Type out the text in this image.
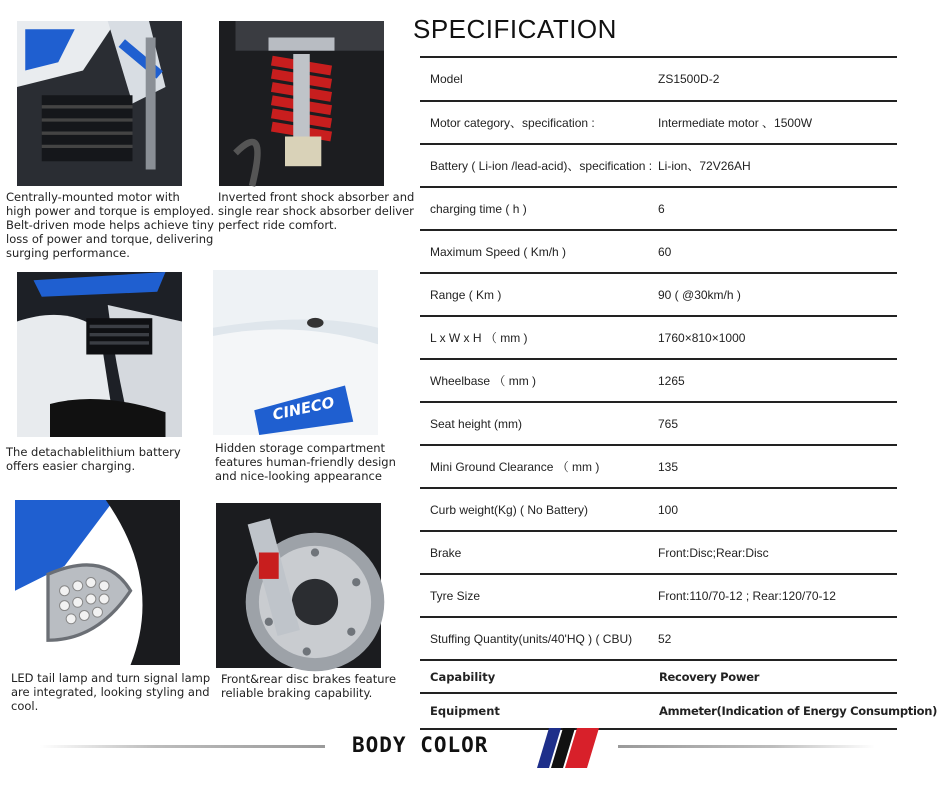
Centrally-mounted motor with
high power and torque is employed.
Belt-driven mode helps achieve tiny
loss of power and torque, delivering
surging performance.
Inverted front shock absorber and
single rear shock absorber deliver
perfect ride comfort.
The detachablelithium battery
offers easier charging.
CINECO
Hidden storage compartment
features human-friendly design
and nice-looking appearance
LED tail lamp and turn signal lamp
are integrated, looking styling and
cool.
Front&rear disc brakes feature
reliable braking capability.
SPECIFICATION
Model	ZS1500D-2
Motor category、specification :	Intermediate motor 、1500W
Battery ( Li-ion /lead-acid)、specification : Li-ion、72V26AH
charging time ( h )	6
Maximum Speed ( Km/h )	60
Range ( Km )	90 ( @30km/h )
L x W x H （ mm )	1760×810×1000
Wheelbase （ mm )	1265
Seat height (mm)	765
Mini Ground Clearance （ mm )	135
Curb weight(Kg) ( No Battery)	100
Brake	Front:Disc;Rear:Disc
Tyre Size	Front:110/70-12 ; Rear:120/70-12
Stuffing Quantity(units/40'HQ ) ( CBU) 52
Capability	Recovery Power
Equipment	Ammeter(Indication of Energy Consumption)
BODY COLOR
